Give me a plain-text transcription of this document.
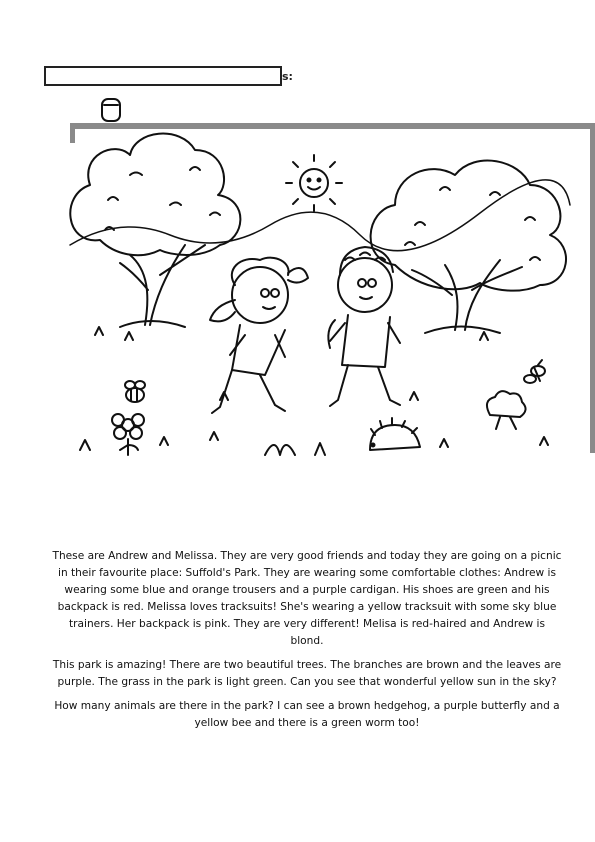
s:

These are Andrew and Melissa. They are very good friends and today they are going on a picnic in their favourite place: Suffold's Park. They are wearing some comfortable clothes: Andrew is wearing some blue and orange trousers and a purple cardigan. His shoes are green and his backpack is red. Melissa loves tracksuits! She's wearing a yellow tracksuit with some sky blue trainers. Her backpack is pink. They are very different! Melisa is red-haired and Andrew is blond.

This park is amazing! There are two beautiful trees. The branches are brown and the leaves are purple. The grass in the park is light green. Can you see that wonderful yellow sun in the sky?

How many animals are there in the park? I can see a brown hedgehog, a purple butterfly and a yellow bee and there is a green worm too!
